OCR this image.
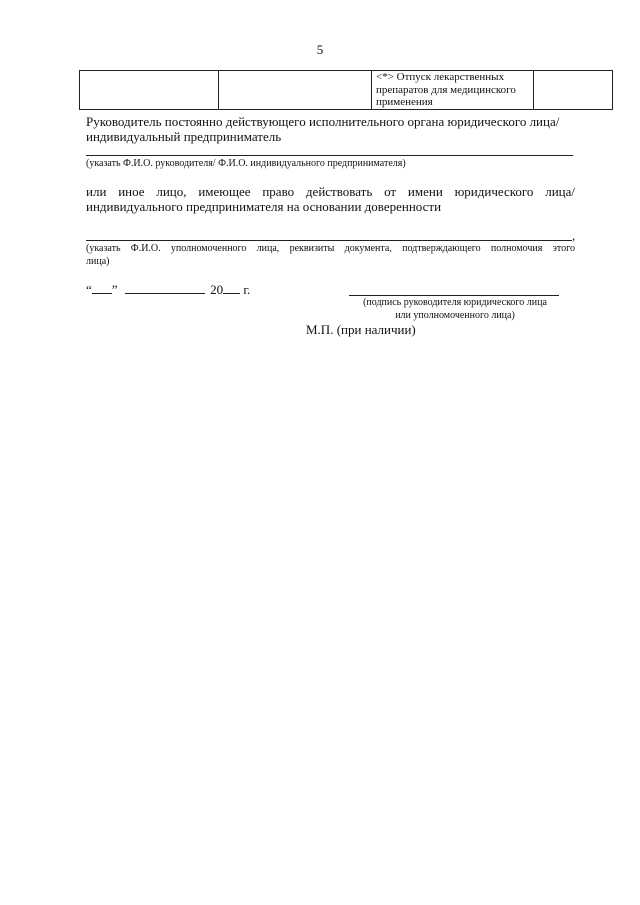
5
		<*> Отпуск лекарственных препаратов для медицинского применения	
Руководитель постоянно действующего исполнительного органа юридического лица/
индивидуальный предприниматель
(указать Ф.И.О. руководителя/ Ф.И.О. индивидуального предпринимателя)
или иное лицо, имеющее право действовать от имени юридического лица/
индивидуального предпринимателя на основании доверенности
,
(указать Ф.И.О. уполномоченного лица, реквизиты документа, подтверждающего полномочия этого
лица)
“ ”	20 г.
(подпись руководителя юридического лица
или уполномоченного лица)
М.П. (при наличии)
